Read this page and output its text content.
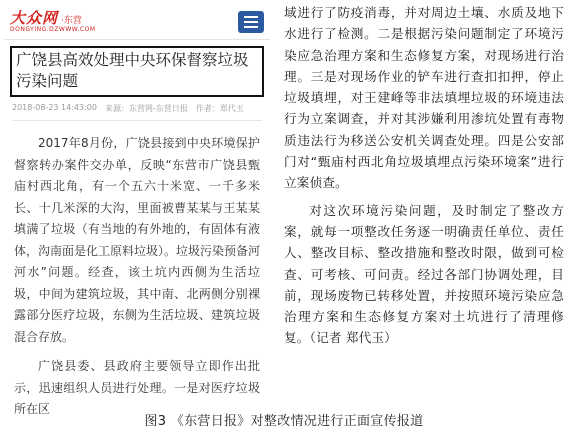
大众网 ·东营
DONGYING.DZWWW.COM
广饶县高效处理中央环保督察垃圾污染问题
2018-08-23 14:43:00 来源：东营网-东营日报 作者：郑代玉

2017年8月份，广饶县接到中央环境保护督察转办案件交办单，反映“东营市广饶县甄庙村西北角，有一个五六十米宽、一千多米长、十几米深的大沟，里面被曹某某与王某某填满了垃圾（有当地的有外地的，有固体有液体，沟南面是化工原料垃圾）。垃圾污染预备河河水”问题。经查，该土坑内西侧为生活垃圾，中间为建筑垃圾，其中南、北两侧分别裸露部分医疗垃圾，东侧为生活垃圾、建筑垃圾混合存放。

广饶县委、县政府主要领导立即作出批示，迅速组织人员进行处理。一是对医疗垃圾所在区

域进行了防疫消毒，并对周边土壤、水质及地下水进行了检测。二是根据污染问题制定了环境污染应急治理方案和生态修复方案，对现场进行治理。三是对现场作业的铲车进行查扣扣押，停止垃圾填埋，对王建峰等非法填埋垃圾的环境违法行为立案调查，并对其涉嫌利用渗坑处置有毒物质违法行为移送公安机关调查处理。四是公安部门对“甄庙村西北角垃圾填埋点污染环境案”进行立案侦查。

对这次环境污染问题，及时制定了整改方案，就每一项整改任务逐一明确责任单位、责任人、整改目标、整改措施和整改时限，做到可检查、可考核、可问责。经过各部门协调处理，目前，现场废物已转移处置，并按照环境污染应急治理方案和生态修复方案对土坑进行了清理修复。（记者 郑代玉）

图3 《东营日报》对整改情况进行正面宣传报道
